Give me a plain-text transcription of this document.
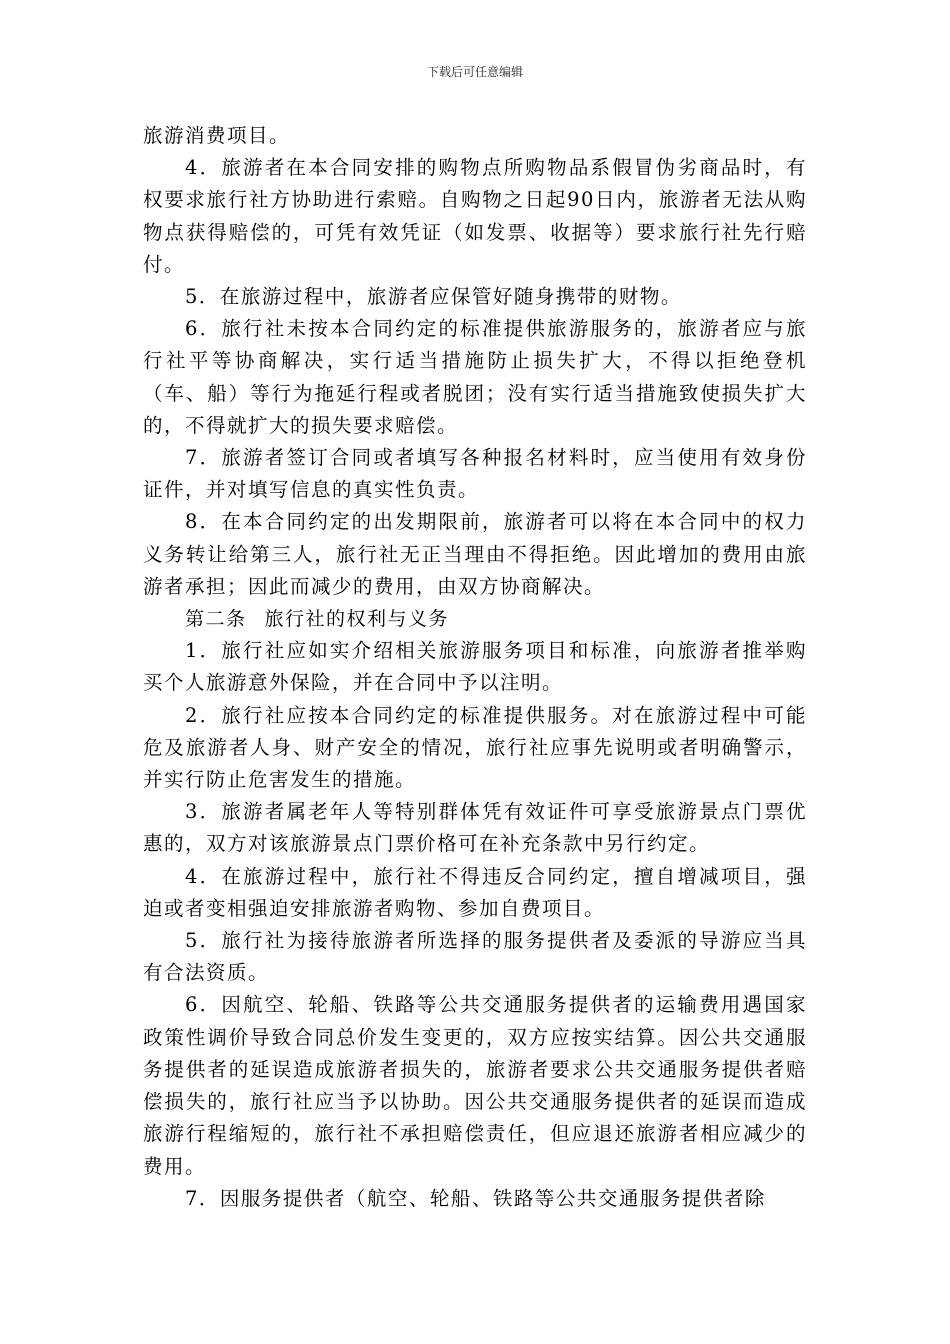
下载后可任意编辑

旅游消费项目。

4．旅游者在本合同安排的购物点所购物品系假冒伪劣商品时，有权要求旅行社方协助进行索赔。自购物之日起90日内，旅游者无法从购物点获得赔偿的，可凭有效凭证（如发票、收据等）要求旅行社先行赔付。

5．在旅游过程中，旅游者应保管好随身携带的财物。

6．旅行社未按本合同约定的标准提供旅游服务的，旅游者应与旅行社平等协商解决，实行适当措施防止损失扩大，不得以拒绝登机（车、船）等行为拖延行程或者脱团；没有实行适当措施致使损失扩大的，不得就扩大的损失要求赔偿。

7．旅游者签订合同或者填写各种报名材料时，应当使用有效身份证件，并对填写信息的真实性负责。

8．在本合同约定的出发期限前，旅游者可以将在本合同中的权力义务转让给第三人，旅行社无正当理由不得拒绝。因此增加的费用由旅游者承担；因此而减少的费用，由双方协商解决。

第二条 旅行社的权利与义务

1．旅行社应如实介绍相关旅游服务项目和标准，向旅游者推举购买个人旅游意外保险，并在合同中予以注明。

2．旅行社应按本合同约定的标准提供服务。对在旅游过程中可能危及旅游者人身、财产安全的情况，旅行社应事先说明或者明确警示，并实行防止危害发生的措施。

3．旅游者属老年人等特别群体凭有效证件可享受旅游景点门票优惠的，双方对该旅游景点门票价格可在补充条款中另行约定。

4．在旅游过程中，旅行社不得违反合同约定，擅自增减项目，强迫或者变相强迫安排旅游者购物、参加自费项目。

5．旅行社为接待旅游者所选择的服务提供者及委派的导游应当具有合法资质。

6．因航空、轮船、铁路等公共交通服务提供者的运输费用遇国家政策性调价导致合同总价发生变更的，双方应按实结算。因公共交通服务提供者的延误造成旅游者损失的，旅游者要求公共交通服务提供者赔偿损失的，旅行社应当予以协助。因公共交通服务提供者的延误而造成旅游行程缩短的，旅行社不承担赔偿责任，但应退还旅游者相应减少的费用。

7．因服务提供者（航空、轮船、铁路等公共交通服务提供者除
